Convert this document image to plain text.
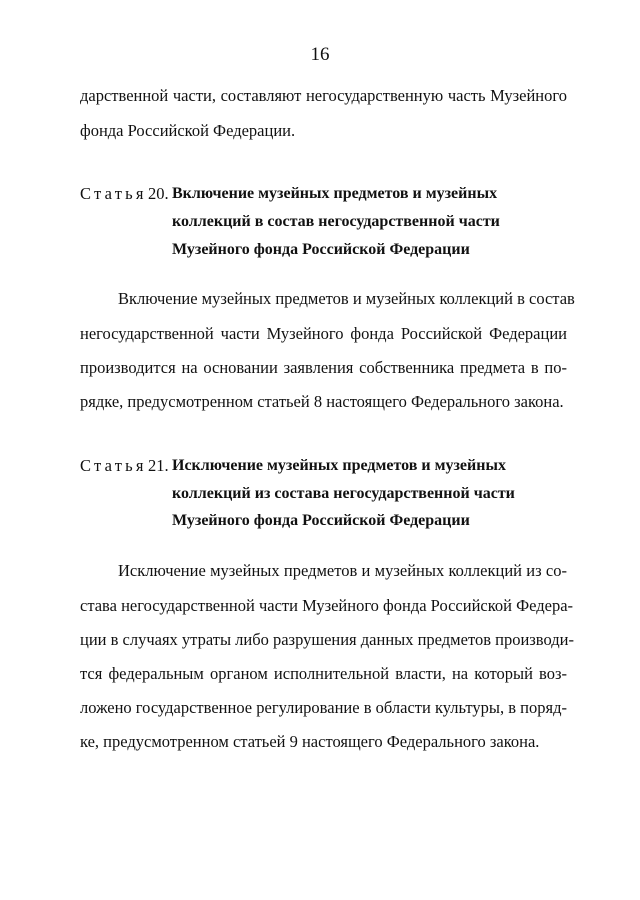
16
дарственной части, составляют негосударственную часть Музейного
фонда Российской Федерации.
Статья 20. Включение музейных предметов и музейных
коллекций в состав негосударственной части
Музейного фонда Российской Федерации
Включение музейных предметов и музейных коллекций в состав
негосударственной части Музейного фонда Российской Федерации
производится на основании заявления собственника предмета в по-
рядке, предусмотренном статьей 8 настоящего Федерального закона.
Статья 21. Исключение музейных предметов и музейных
коллекций из состава негосударственной части
Музейного фонда Российской Федерации
Исключение музейных предметов и музейных коллекций из со-
става негосударственной части Музейного фонда Российской Федера-
ции в случаях утраты либо разрушения данных предметов производи-
тся федеральным органом исполнительной власти, на который воз-
ложено государственное регулирование в области культуры, в поряд-
ке, предусмотренном статьей 9 настоящего Федерального закона.
